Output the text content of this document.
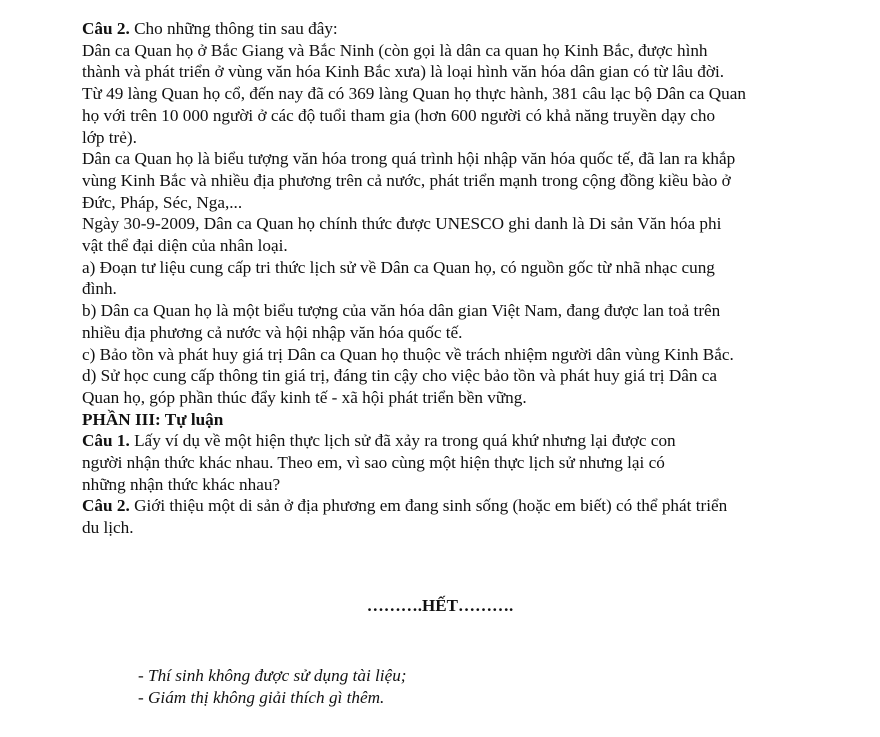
Câu 2. Cho những thông tin sau đây:

Dân ca Quan họ ở Bắc Giang và Bắc Ninh (còn gọi là dân ca quan họ Kinh Bắc, được hình

thành và phát triển ở vùng văn hóa Kinh Bắc xưa) là loại hình văn hóa dân gian có từ lâu đời.

Từ 49 làng Quan họ cổ, đến nay đã có 369 làng Quan họ thực hành, 381 câu lạc bộ Dân ca Quan

họ với trên 10 000 người ở các độ tuổi tham gia (hơn 600 người có khả năng truyền dạy cho

lớp trẻ).

Dân ca Quan họ là biểu tượng văn hóa trong quá trình hội nhập văn hóa quốc tế, đã lan ra khắp

vùng Kinh Bắc và nhiều địa phương trên cả nước, phát triển mạnh trong cộng đồng kiều bào ở

Đức, Pháp, Séc, Nga,...

Ngày 30-9-2009, Dân ca Quan họ chính thức được UNESCO ghi danh là Di sản Văn hóa phi

vật thể đại diện của nhân loại.

a) Đoạn tư liệu cung cấp tri thức lịch sử về Dân ca Quan họ, có nguồn gốc từ nhã nhạc cung

đình.

b) Dân ca Quan họ là một biểu tượng của văn hóa dân gian Việt Nam, đang được lan toả trên

nhiều địa phương cả nước và hội nhập văn hóa quốc tế.

c) Bảo tồn và phát huy giá trị Dân ca Quan họ thuộc về trách nhiệm người dân vùng Kinh Bắc.

d) Sử học cung cấp thông tin giá trị, đáng tin cậy cho việc bảo tồn và phát huy giá trị Dân ca

Quan họ, góp phần thúc đẩy kinh tế - xã hội phát triển bền vững.

PHẦN III: Tự luận

Câu 1. Lấy ví dụ về một hiện thực lịch sử đã xảy ra trong quá khứ nhưng lại được con

người nhận thức khác nhau. Theo em, vì sao cùng một hiện thực lịch sử nhưng lại có

những nhận thức khác nhau?

Câu 2. Giới thiệu một di sản ở địa phương em đang sinh sống (hoặc em biết) có thể phát triển

du lịch.

……….HẾT……….
- Thí sinh không được sử dụng tài liệu;
- Giám thị không giải thích gì thêm.
